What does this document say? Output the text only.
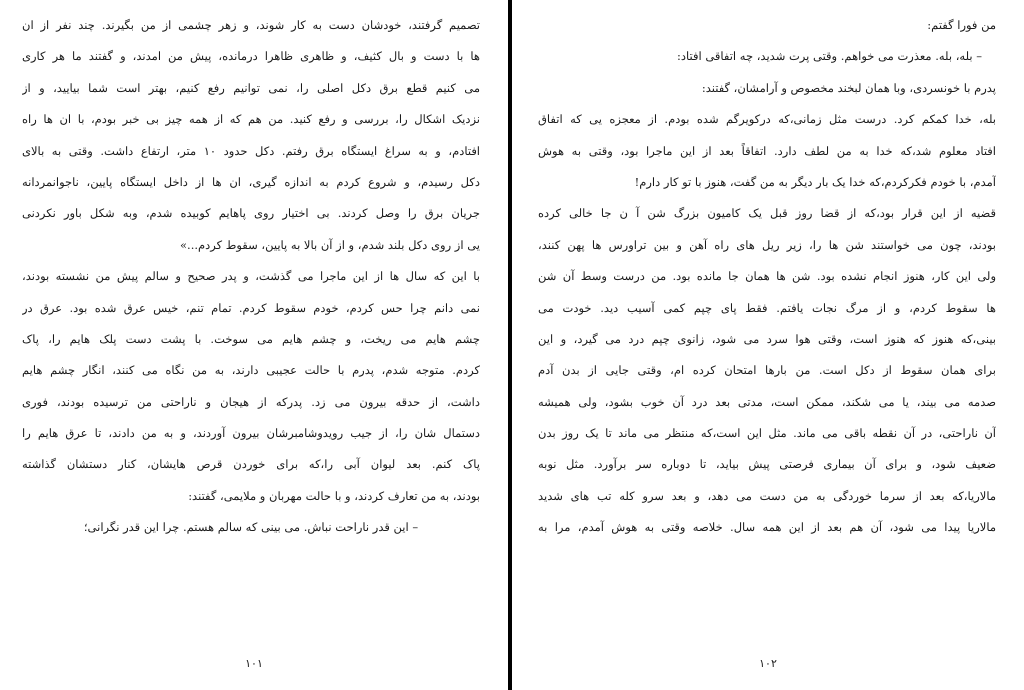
تصمیم گرفتند، خودشان دست به کار شوند، و زهر چشمی از من بگیرند. چند نفر از ان
ها با دست و بال کثیف، و ظاهری ظاهرا درمانده، پیش من امدند، و گفتند ما هر کاری
می کنیم قطع برق دکل اصلی را، نمی توانیم رفع کنیم، بهتر است شما بیایید، و از
نزدیک اشکال را، بررسی و رفع کنید. من هم که از همه چیز بی خبر بودم، با ان ها راه
افتادم، و به سراغ ایستگاه برق رفتم. دکل حدود ۱۰ متر، ارتفاع داشت. وقتی به بالای
دکل رسیدم، و شروع کردم به اندازه گیری، ان ها از داخل ایستگاه پایین، ناجوانمردانه
جریان برق را وصل کردند. بی اختیار روی پاهایم کوبیده شدم، وبه شکل باور نکردنی
یی از روی دکل بلند شدم، و از آن بالا به پایین، سقوط کردم...»
با این که سال ها از این ماجرا می گذشت، و پدر صحیح و سالم پیش من نشسته بودند،
نمی دانم چرا حس کردم، خودم سقوط کردم. تمام تنم، خیس عرق شده بود. عرق در
چشم هایم می ریخت، و چشم هایم می سوخت. با پشت دست پلک هایم را، پاک
کردم. متوجه شدم، پدرم با حالت عجیبی دارند، به من نگاه می کنند، انگار چشم هایم
داشت، از حدقه بیرون می زد. پدرکه از هیجان و ناراحتی من ترسیده بودند، فوری
دستمال شان را، از جیب رویدوشامبرشان بیرون آوردند، و به من دادند، تا عرق هایم را
پاک کنم. بعد لیوان آبی را،که برای خوردن قرص هایشان، کنار دستشان گذاشته
بودند، به من تعارف کردند، و با حالت مهربان و ملایمی، گفتند:
– این قدر ناراحت نباش. می بینی که سالم هستم. چرا این قدر نگرانی؛
۱۰۱
من فورا گفتم:
– بله، بله. معذرت می خواهم. وقتی پرت شدید، چه اتفاقی افتاد:
پدرم با خونسردی، وبا همان لبخند مخصوص و آرامشان، گفتند:
بله، خدا کمکم کرد. درست مثل زمانی،که درکویرگم شده بودم. از معجزه یی که اتفاق
افتاد معلوم شد،که خدا به من لطف دارد. اتفاقاً بعد از این ماجرا بود، وقتی به هوش
آمدم، با خودم فکرکردم،که خدا یک بار دیگر به من گفت، هنوز با تو کار دارم!
قضیه از این قرار بود،که از قضا روز قبل یک کامیون بزرگ شن آ ن جا خالی کرده
بودند، چون می خواستند شن ها را، زیر ریل های راه آهن و بین تراورس ها پهن کنند،
ولی این کار، هنوز انجام نشده بود. شن ها همان جا مانده بود. من درست وسط آن شن
ها سقوط کردم، و از مرگ نجات یافتم. فقط پای چپم کمی آسیب دید. خودت می
بینی،که هنوز که هنوز است، وقتی هوا سرد می شود، زانوی چپم درد می گیرد، و این
برای همان سقوط از دکل است. من بارها امتحان کرده ام، وقتی جایی از بدن آدم
صدمه می بیند، یا می شکند، ممکن است، مدتی بعد درد آن خوب بشود، ولی همیشه
آن ناراحتی، در آن نقطه باقی می ماند. مثل این است،که منتظر می ماند تا یک روز بدن
ضعیف شود، و برای آن بیماری فرصتی پیش بیاید، تا دوباره سر برآورد. مثل نوبه
مالاریا،که بعد از سرما خوردگی به من دست می دهد، و بعد سرو کله تب های شدید
مالاریا پیدا می شود، آن هم بعد از این همه سال. خلاصه وقتی به هوش آمدم، مرا به
۱۰۲
